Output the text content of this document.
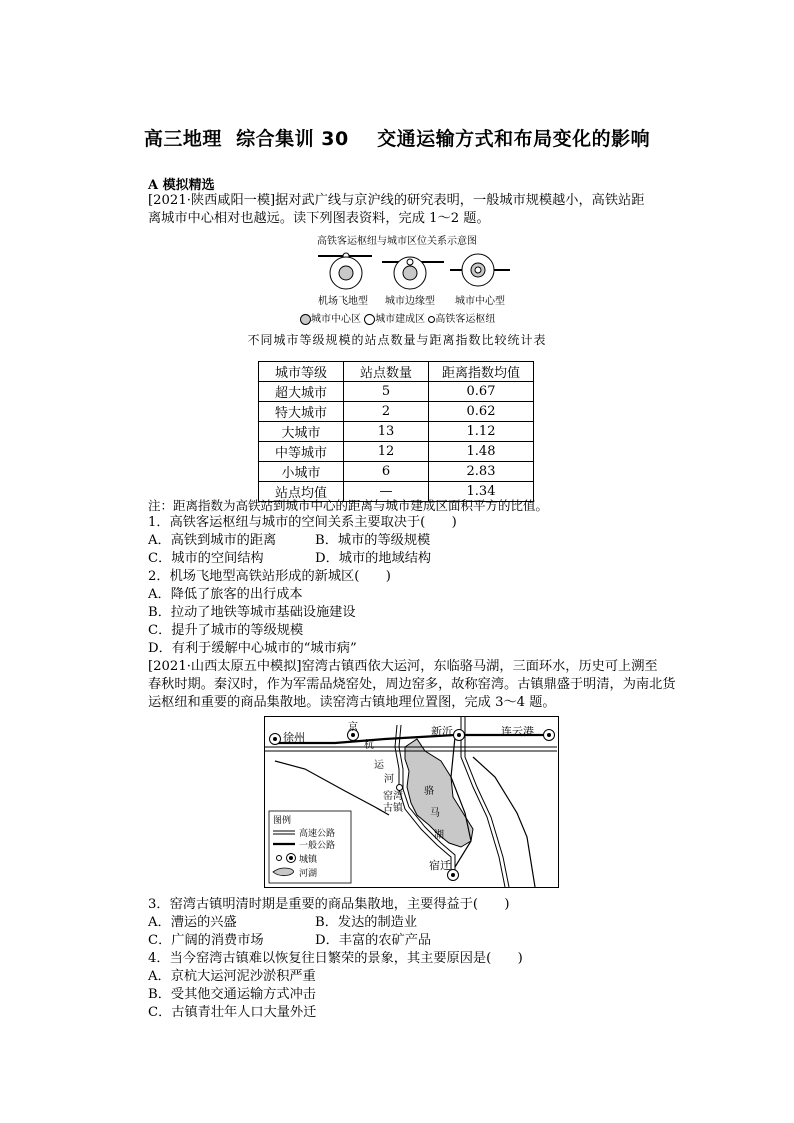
高三地理  综合集训 30    交通运输方式和布局变化的影响
A 模拟精选
[2021·陕西咸阳一模]据对武广线与京沪线的研究表明，一般城市规模越小，高铁站距
离城市中心相对也越远。读下列图表资料，完成 1～2 题。
高铁客运枢纽与城市区位关系示意图
机场飞地型 城市边缘型 城市中心型
城市中心区 城市建成区 高铁客运枢纽
不同城市等级规模的站点数量与距离指数比较统计表
城市等级	站点数量	距离指数均值
超大城市	5	0.67
特大城市	2	0.62
大城市	13	1.12
中等城市	12	1.48
小城市	6	2.83
站点均值	—	1.34
注：距离指数为高铁站到城市中心的距离与城市建成区面积平方的比值。
1．高铁客运枢纽与城市的空间关系主要取决于(　　)
A．高铁到城市的距离	B．城市的等级规模
C．城市的空间结构	D．城市的地域结构
2．机场飞地型高铁站形成的新城区(　　)
A．降低了旅客的出行成本
B．拉动了地铁等城市基础设施建设
C．提升了城市的等级规模
D．有利于缓解中心城市的“城市病”
[2021·山西太原五中模拟]窑湾古镇西依大运河，东临骆马湖，三面环水，历史可上溯至
春秋时期。秦汉时，作为军需品烧窑处，周边窑多，故称窑湾。古镇鼎盛于明清，为南北货
运枢纽和重要的商品集散地。读窑湾古镇地理位置图，完成 3～4 题。
徐州	新沂	连云港
宿迁
京
杭
运
河
窑湾
古镇
骆
马
湖
图例
高速公路
一般公路
城镇
河湖
3．窑湾古镇明清时期是重要的商品集散地，主要得益于(　　)
A．漕运的兴盛	B．发达的制造业
C．广阔的消费市场	D．丰富的农矿产品
4．当今窑湾古镇难以恢复往日繁荣的景象，其主要原因是(　　)
A．京杭大运河泥沙淤积严重
B．受其他交通运输方式冲击
C．古镇青壮年人口大量外迁
